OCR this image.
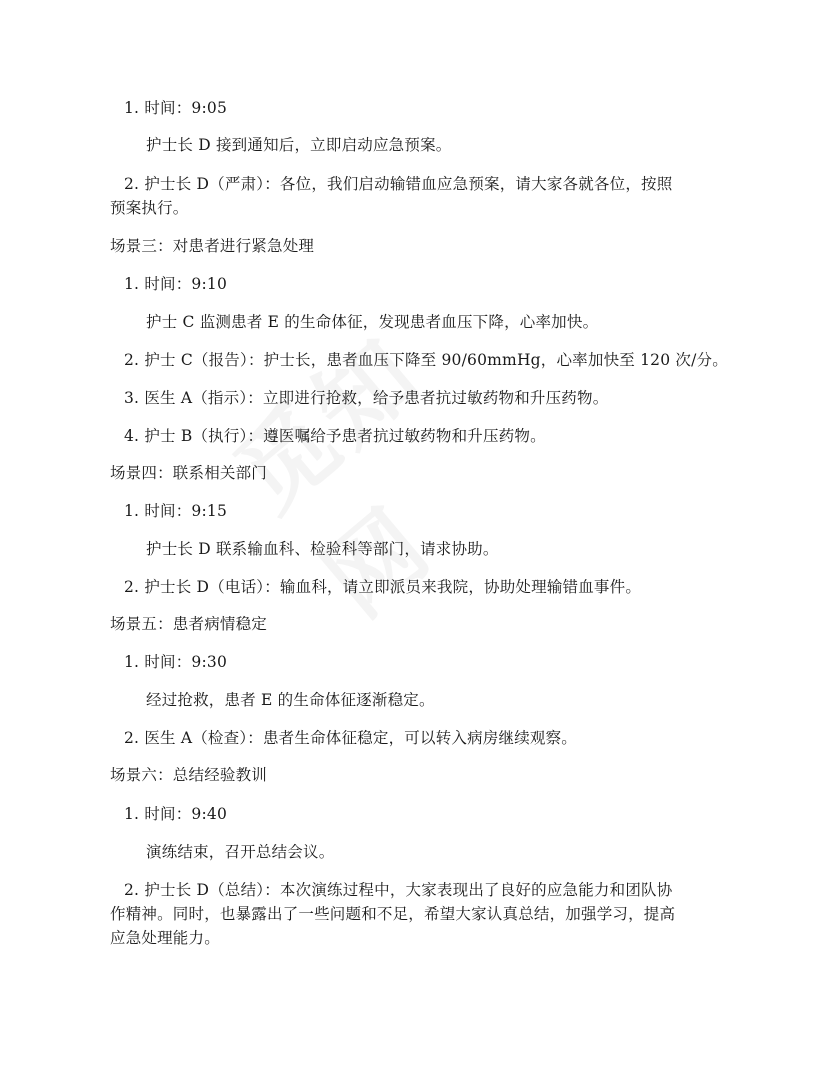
1. 时间：9:05
护士长 D 接到通知后，立即启动应急预案。
2. 护士长 D（严肃）：各位，我们启动输错血应急预案，请大家各就各位，按照
预案执行。
场景三：对患者进行紧急处理
1. 时间：9:10
护士 C 监测患者 E 的生命体征，发现患者血压下降，心率加快。
2. 护士 C（报告）：护士长，患者血压下降至 90/60mmHg，心率加快至 120 次/分。
3. 医生 A（指示）：立即进行抢救，给予患者抗过敏药物和升压药物。
4. 护士 B（执行）：遵医嘱给予患者抗过敏药物和升压药物。
场景四：联系相关部门
1. 时间：9:15
护士长 D 联系输血科、检验科等部门，请求协助。
2. 护士长 D（电话）：输血科，请立即派员来我院，协助处理输错血事件。
场景五：患者病情稳定
1. 时间：9:30
经过抢救，患者 E 的生命体征逐渐稳定。
2. 医生 A（检查）：患者生命体征稳定，可以转入病房继续观察。
场景六：总结经验教训
1. 时间：9:40
演练结束，召开总结会议。
2. 护士长 D（总结）：本次演练过程中，大家表现出了良好的应急能力和团队协
作精神。同时，也暴露出了一些问题和不足，希望大家认真总结，加强学习，提高
应急处理能力。
